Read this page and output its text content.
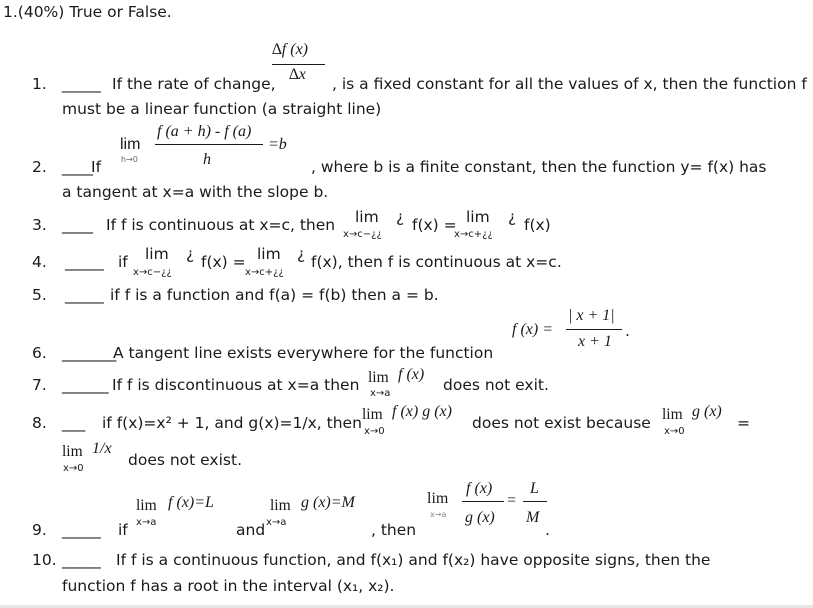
1.(40%) True or False.
1. _____ If the rate of change,
∆f (x)
∆x
, is a fixed constant for all the values of x, then the function f
must be a linear function (a straight line)
2. ____
If
lim
h→0
f (a + h) - f (a)
h
=b
, where b is a finite constant, then the function y= f(x) has
a tangent at x=a with the slope b.
3. ____ If f is continuous at x=c, then lim ¿
x→c−¿¿
f(x) = lim ¿
x→c+¿¿
f(x)
4. _____ if lim ¿
x→c−¿¿
f(x) = lim ¿
x→c+¿¿
f(x), then f is continuous at x=c.
5. _____ if f is a function and f(a) = f(b) then a = b.
6. _______
A tangent line exists everywhere for the function
f (x) =
| x + 1|
x + 1
.
7. ______ If f is discontinuous at x=a then lim f (x)
x→a	does not exit.
8. ___ if f(x)=x² + 1, and g(x)=1/x, then lim f (x) g (x)
x→0	does not exist because lim g (x)
x→0	=
lim 1/x
x→0	does not exist.
9. _____ if
lim f (x)=L
x→a	and
lim g (x)=M
x→a	, then
lim
x→a
f (x)
g (x)
=
L
M
.
10. _____ If f is a continuous function, and f(x₁) and f(x₂) have opposite signs, then the
function f has a root in the interval (x₁, x₂).
